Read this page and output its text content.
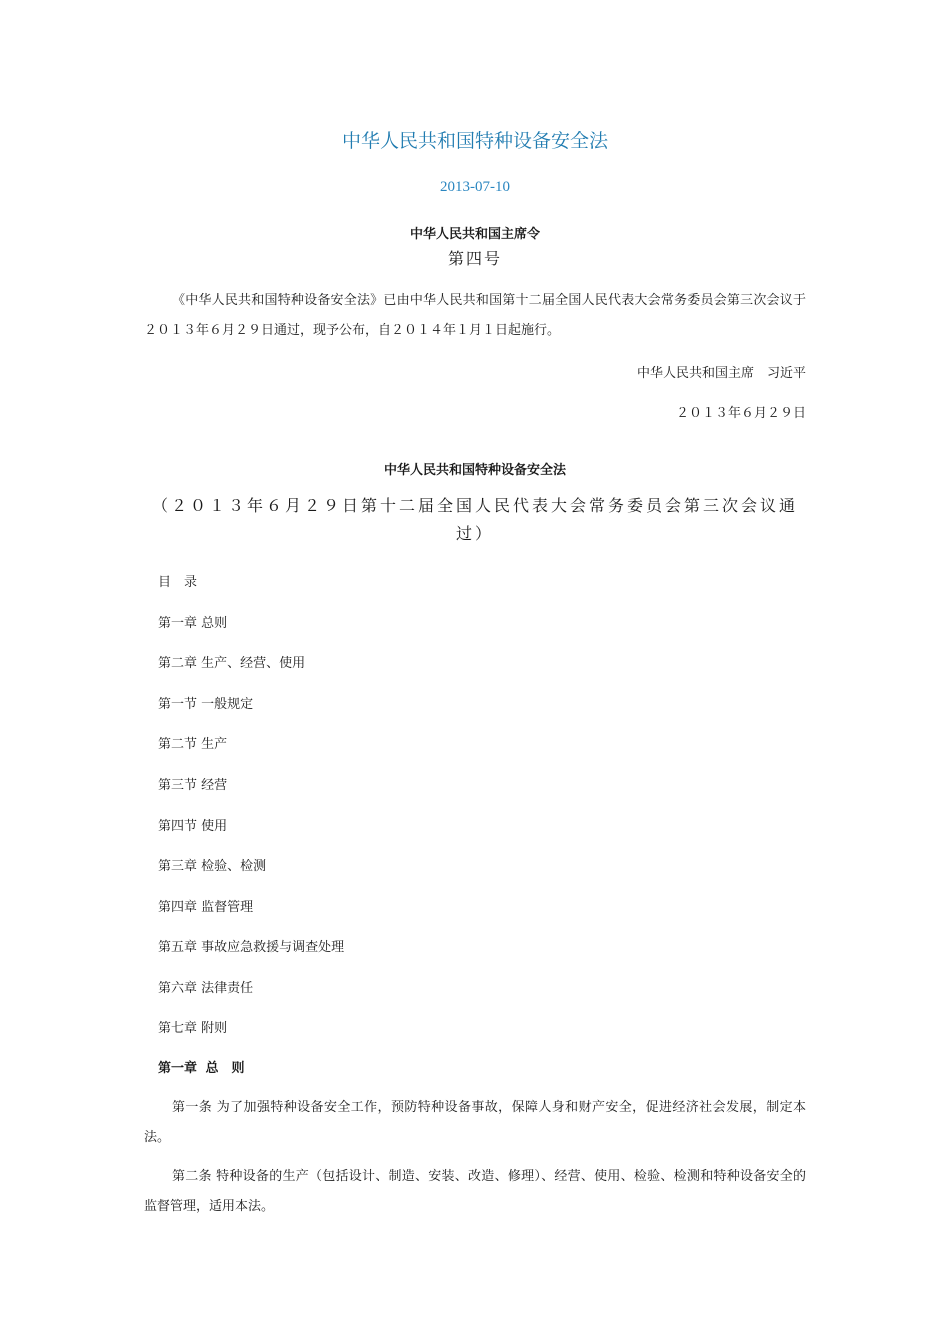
中华人民共和国特种设备安全法
2013-07-10
中华人民共和国主席令
第四号
《中华人民共和国特种设备安全法》已由中华人民共和国第十二届全国人民代表大会常务委员会第三次会议于２０１３年６月２９日通过，现予公布，自２０１４年１月１日起施行。
中华人民共和国主席　习近平
２０１３年６月２９日
中华人民共和国特种设备安全法
（２０１３年６月２９日第十二届全国人民代表大会常务委员会第三次会议通过）
目　录
第一章 总则
第二章 生产、经营、使用
第一节 一般规定
第二节 生产
第三节 经营
第四节 使用
第三章 检验、检测
第四章 监督管理
第五章 事故应急救援与调查处理
第六章 法律责任
第七章 附则
第一章 总　则
第一条 为了加强特种设备安全工作，预防特种设备事故，保障人身和财产安全，促进经济社会发展，制定本法。
第二条 特种设备的生产（包括设计、制造、安装、改造、修理）、经营、使用、检验、检测和特种设备安全的监督管理，适用本法。
